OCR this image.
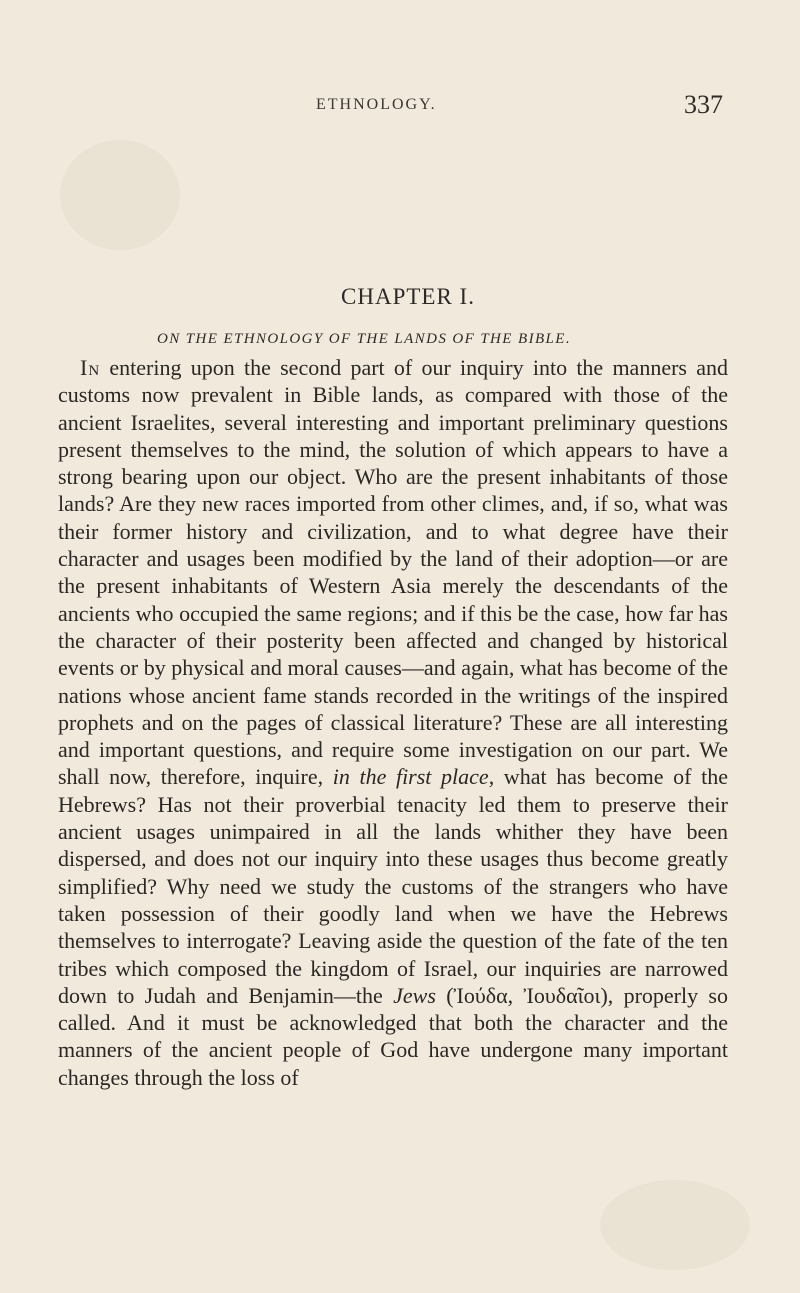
ETHNOLOGY.	337
CHAPTER I.
ON THE ETHNOLOGY OF THE LANDS OF THE BIBLE.

In entering upon the second part of our inquiry into the manners and customs now prevalent in Bible lands, as compared with those of the ancient Israelites, several interesting and important preliminary questions present themselves to the mind, the solution of which appears to have a strong bearing upon our object. Who are the present inhabitants of those lands? Are they new races imported from other climes, and, if so, what was their former history and civilization, and to what degree have their character and usages been modified by the land of their adoption—or are the present inhabitants of Western Asia merely the descendants of the ancients who occupied the same regions; and if this be the case, how far has the character of their posterity been affected and changed by historical events or by physical and moral causes—and again, what has become of the nations whose ancient fame stands recorded in the writings of the inspired prophets and on the pages of classical literature? These are all interesting and important questions, and require some investigation on our part. We shall now, therefore, inquire, in the first place, what has become of the Hebrews? Has not their proverbial tenacity led them to preserve their ancient usages unimpaired in all the lands whither they have been dispersed, and does not our inquiry into these usages thus become greatly simplified? Why need we study the customs of the strangers who have taken possession of their goodly land when we have the Hebrews themselves to interrogate? Leaving aside the question of the fate of the ten tribes which composed the kingdom of Israel, our inquiries are narrowed down to Judah and Benjamin—the Jews (Ἰούδα, Ἰουδαῖοι), properly so called. And it must be acknowledged that both the character and the manners of the ancient people of God have undergone many important changes through the loss of
